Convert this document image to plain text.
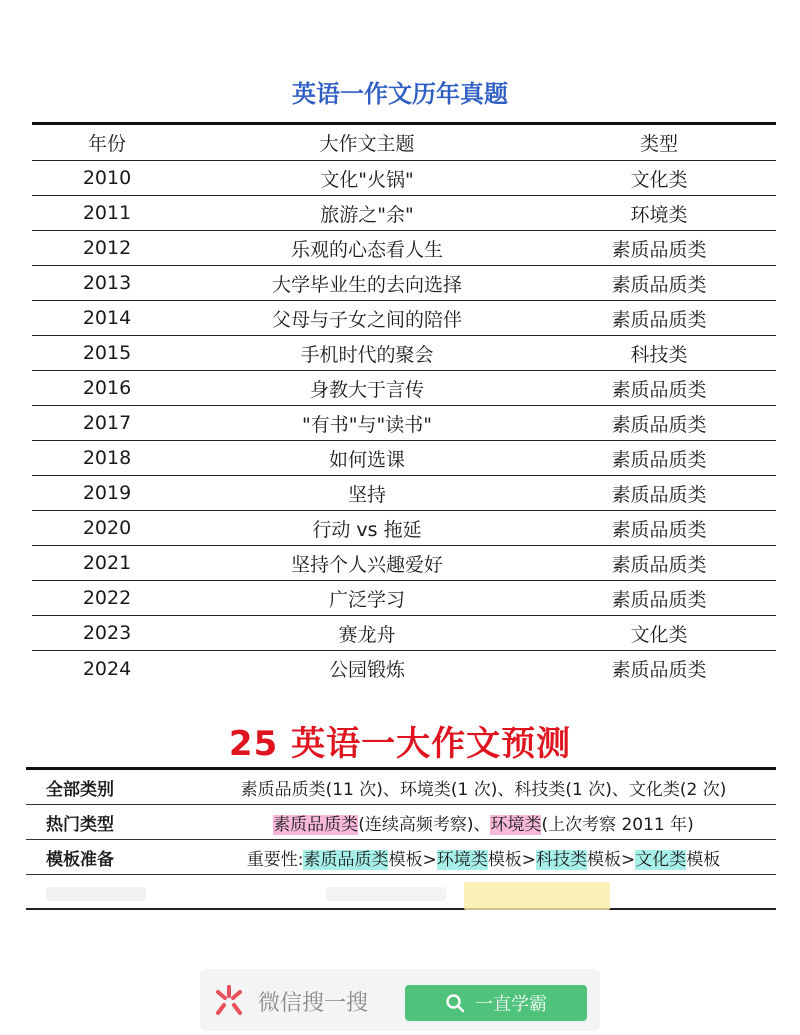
英语一作文历年真题
年份	大作文主题	类型
2010	文化"火锅"	文化类
2011	旅游之"余"	环境类
2012	乐观的心态看人生	素质品质类
2013	大学毕业生的去向选择	素质品质类
2014	父母与子女之间的陪伴	素质品质类
2015	手机时代的聚会	科技类
2016	身教大于言传	素质品质类
2017	"有书"与"读书"	素质品质类
2018	如何选课	素质品质类
2019	坚持	素质品质类
2020	行动 vs 拖延	素质品质类
2021	坚持个人兴趣爱好	素质品质类
2022	广泛学习	素质品质类
2023	赛龙舟	文化类
2024	公园锻炼	素质品质类
25 英语一大作文预测
全部类别	素质品质类(11 次)、环境类(1 次)、科技类(1 次)、文化类(2 次)
热门类型	素质品质类(连续高频考察)、环境类(上次考察 2011 年)
模板准备	重要性:素质品质类模板>环境类模板>科技类模板>文化类模板
微信搜一搜	一直学霸
